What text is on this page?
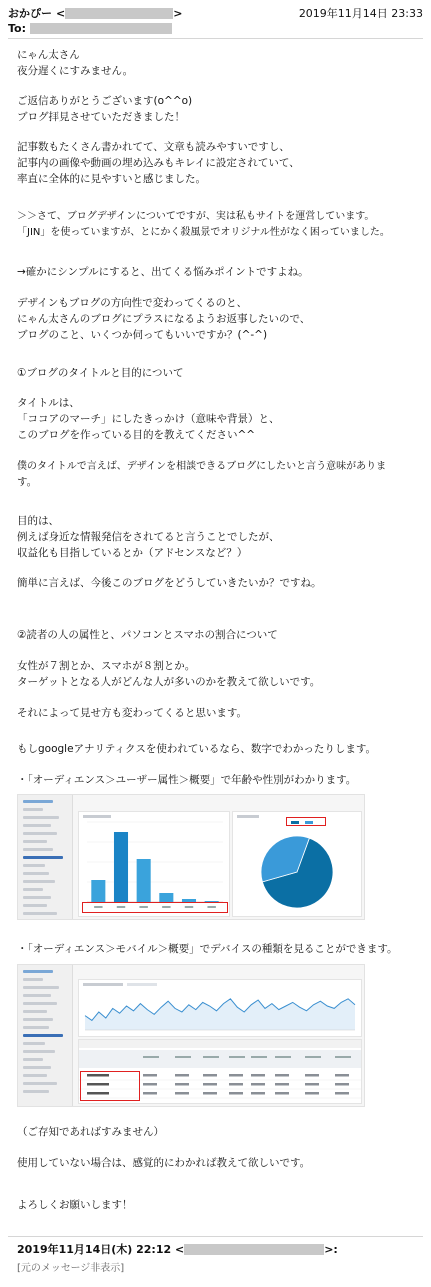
おかぴー <	>	2019年11月14日 23:33
To:
にゃん太さん
夜分遅くにすみません。
ご返信ありがとうございます(o^^o)
ブログ拝見させていただきました！
記事数もたくさん書かれてて、文章も読みやすいですし、
記事内の画像や動画の埋め込みもキレイに設定されていて、
率直に全体的に見やすいと感じました。
＞＞さて、ブログデザインについてですが、実は私もサイトを運営しています。
「JIN」を使っていますが、とにかく殺風景でオリジナル性がなく困っていました。
→確かにシンプルにすると、出てくる悩みポイントですよね。
デザインもブログの方向性で変わってくるのと、
にゃん太さんのブログにプラスになるようお返事したいので、
ブログのこと、いくつか伺ってもいいですか？(^-^)
①ブログのタイトルと目的について
タイトルは、
「ココアのマーチ」にしたきっかけ（意味や背景）と、
このブログを作っている目的を教えてください^^
僕のタイトルで言えば、デザインを相談できるブログにしたいと言う意味がありま
す。
目的は、
例えば身近な情報発信をされてると言うことでしたが、
収益化も目指しているとか（アドセンスなど？）
簡単に言えば、今後このブログをどうしていきたいか？ですね。
②読者の人の属性と、パソコンとスマホの割合について
女性が７割とか、スマホが８割とか。
ターゲットとなる人がどんな人が多いのかを教えて欲しいです。
それによって見せ方も変わってくると思います。
もしgoogleアナリティクスを使われているなら、数字でわかったりします。
・「オーディエンス＞ユーザー属性＞概要」で年齢や性別がわかります。
・「オーディエンス＞モバイル＞概要」でデバイスの種類を見ることができます。
（ご存知であればすみません）
使用していない場合は、感覚的にわかれば教えて欲しいです。
よろしくお願いします！
2019年11月14日(木) 22:12 <	>:
[元のメッセージ非表示]
